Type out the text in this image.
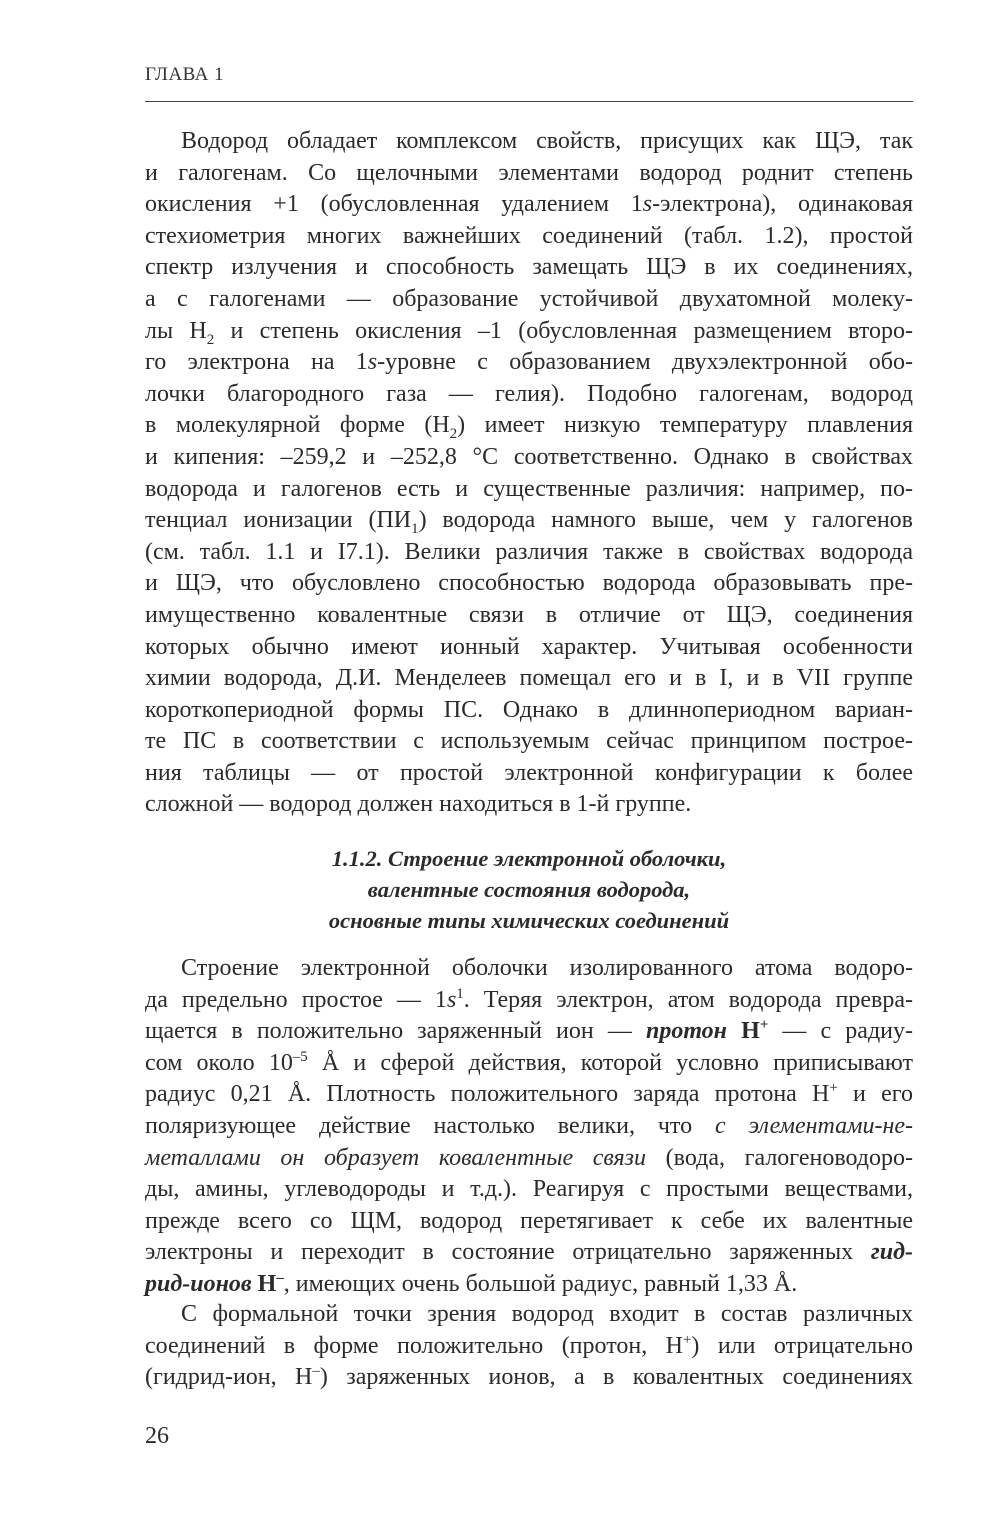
ГЛАВА 1
Водород обладает комплексом свойств, присущих как ЩЭ, так
и галогенам. Со щелочными элементами водород роднит степень
окисления +1 (обусловленная удалением 1s-электрона), одинаковая
стехиометрия многих важнейших соединений (табл. 1.2), простой
спектр излучения и способность замещать ЩЭ в их соединениях,
а с галогенами — образование устойчивой двухатомной молеку-
лы $H_2$ и степень окисления –1 (обусловленная размещением второ-
го электрона на 1s-уровне с образованием двухэлектронной обо-
лочки благородного газа — гелия). Подобно галогенам, водород
в молекулярной форме $(H_2)$ имеет низкую температуру плавления
и кипения: –259,2 и –252,8 °C соответственно. Однако в свойствах
водорода и галогенов есть и существенные различия: например, по-
тенциал ионизации $(ПИ_1)$ водорода намного выше, чем у галогенов
(см. табл. 1.1 и I7.1). Велики различия также в свойствах водорода
и ЩЭ, что обусловлено способностью водорода образовывать пре-
имущественно ковалентные связи в отличие от ЩЭ, соединения
которых обычно имеют ионный характер. Учитывая особенности
химии водорода, Д.И. Менделеев помещал его и в I, и в VII группе
короткопериодной формы ПС. Однако в длиннопериодном вариан-
те ПС в соответствии с используемым сейчас принципом построе-
ния таблицы — от простой электронной конфигурации к более
сложной — водород должен находиться в 1-й группе.
1.1.2. Строение электронной оболочки,
валентные состояния водорода,
основные типы химических соединений
Строение электронной оболочки изолированного атома водоро-
да предельно простое — $1s^1$. Теряя электрон, атом водорода превра-
щается в положительно заряженный ион — протон H+ — с радиу-
сом около $10^{-5}$ Å и сферой действия, которой условно приписывают
радиус 0,21 Å. Плотность положительного заряда протона H+ и его
поляризующее действие настолько велики, что с элементами-не-
металлами он образует ковалентные связи (вода, галогеноводоро-
ды, амины, углеводороды и т.д.). Реагируя с простыми веществами,
прежде всего со ЩМ, водород перетягивает к себе их валентные
электроны и переходит в состояние отрицательно заряженных гид-
рид-ионов H–, имеющих очень большой радиус, равный 1,33 Å.
С формальной точки зрения водород входит в состав различных
соединений в форме положительно (протон, H+) или отрицательно
(гидрид-ион, H–) заряженных ионов, а в ковалентных соединениях
26
